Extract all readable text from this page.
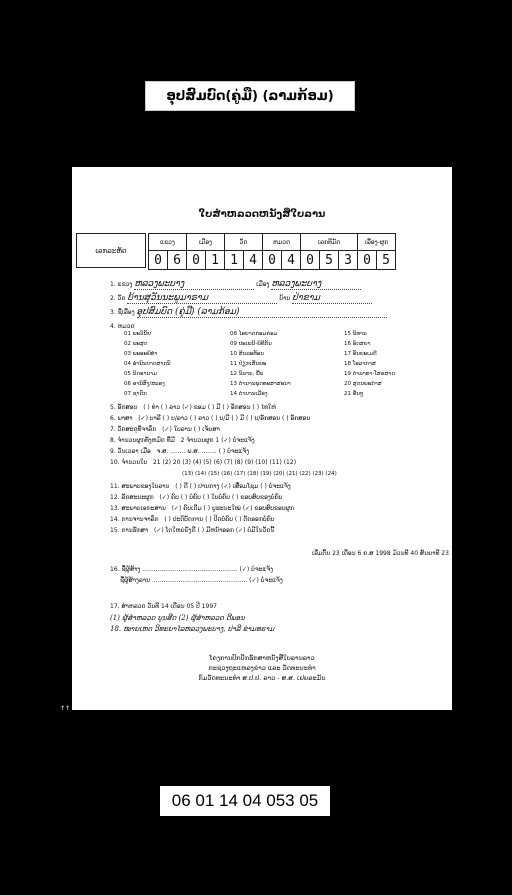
ອຸປສົມບົດ(ຄູ່ມື) (ລາມກ້ອມ)
ໃບສຳຫລວດຫນັງສືໃບລານ
ເລກລະຫັດ
ແຂວງ		ເມືອງ		ວັດ		ຫມວດ		ເລກທີມັດ			ເລື່ອງ-ຜູກ	
0	6	0	1	1	4	0	4	0	5	3	0	5
1. ແຂວງ ຫລວງພະບາງ	ເມືອງ ຫລວງພະບາງ
2. ວັດ ບ້ານສຸວັນນະພູມາຣາມ	ບ້ານ ປ່າຂາມ
3. ຊື່ເລື່ອງ ອຸປສົມບົດ (ຄູ່ມື) (ລາມກ້ອມ)
4. ຫມວດ
01 ພະວິນັຍ	08 ໄອຍາດກ່ອມຄ່ອມ	15 ນິທານ
02 ພະສູດ	09 ປະເພນີ-ພິທີກັນ	16 ອິດສຍາ
03 ພະອະພິທຳ	10 ສິນລະທັອນ	17 ອັນຍະເມດີ
04 ອຳນິນບາດສາກນ໌	11 ປ່ຽກເສັນພະ	18 ໂອລາກາສ
05 ນິດອານາມ	12 ນິລານ, ພື້ນ	19 ຕຳລາທາ-ໂສຣສາດ
06 ອານິສົງ/ສລອງ	13 ຕຳນານພຸດທະສາສະນາ	20 ສຸດນພະກຳສ
07 ຊາດົກ	14 ຕຳນານເມືອງ	21 ອື່ນໆ
5. ອັກສອນ ( ) ທຳ ( ) ລາວ (✓) ຂອມ ( ) ມີ ( ) ອັກສອນ ( ) ໄທໃຫ່
6. ພາສາ (✓) ບາລີ ( ) ບ/ລາວ ( ) ລາວ ( ) ບ/ມີ ( ) ມີ ( ) ບ/ອັກສອນ ( ) ອັກສອນ
7. ວັດສະດຸທີ່ຈາລຶກ (✓) ໃບລານ ( ) ເຈ້ຍສາ
8. ຈຳນວນຜູກທັງຫມົດ ທີ່ມີ 2 ຈຳນວນຜູກ 1 (✓) ບໍ່ຈະແຈ້ງ
9. ວັນເວລາ ເມື່ອ ຈ.ສ. ........ ພ.ສ. ........ ( ) ບໍ່ຈະແຈ້ງ
10. ຈຳນວນໃບ 21 (2) 20 (3) (4) (5) (6) (7) (8) (9) (10) (11) (12)
(13) (14) (15) (16) (17) (18) (19) (20) (21) (22) (23) (24)
11. ສະພາບຂອງໃບລານ ( ) ດີ ( ) ປານກາງ (✓) ເສື່ອມໂຊມ ( ) ບໍ່ຈະແຈ້ງ
12. ລັກສະນະຜູກ (✓) ຄົບ ( ) ບໍ່ຄົບ ( ) ໃບບໍ່ຄົບ ( ) ຂອບສົບຂອງບໍ່ຄົບ
13. ສະພາບເອກະສານ (✓) ຄົບເດີມ ( ) ບູຮະນະໃໝ່ (✓) ຂອບສົບຂອບຜູກ
14. ການຈານຈາລຶກ ( ) ປະຕິບັດການ ( ) ປິດບໍ່ຄົບ ( ) ຕັດອອກບໍ່ຄົບ
15. ການຮັກສາ (✓) ໂຕໃຫຍ່ຍັງດີ ( ) ມີຫນ້າອອກ (✓) ບໍ່ມີໃນວັດນີ້
ເລີ່ມຕົ້ນ 23 ເດືອນ 6 ຄ.ສ 1998 ມ້ວນທີ 40 ສັນຍາທີ 23
16. ຊື່ຜູ້ສ້າງ .................................................. (✓) ບໍ່ຈະແຈ້ງ
ຊື່ຜູ້ສ້າງລານ .................................................. (✓) ບໍ່ຈະແຈ້ງ
17. ສຳຫລວດ ວັນທີ 14 ເດືອນ 05 ປີ 1997
(1) ຜູ້ສຳຫລວດ ບຸນສີດ (2) ຜູ້ສຳຫລວດ ດີພອນ
18. ໝາຍເຫດ ວິທະຍາໄລຫລວງພະບາງ, ປາລີ ຂ່າມທຣາມ
ໂຄງການປົກປັກຮັກສາຫນັງສືໃບລານລາວ
ກະຊວງຖະແຫລງຂ່າວ ແລະ ວັດທະນະທຳ
ກົມວັດທະນະທຳ ສ.ປ.ປ. ລາວ - ສ.ສ. ເຢຍລະມັນ
↑↑
06 01 14 04 053 05
